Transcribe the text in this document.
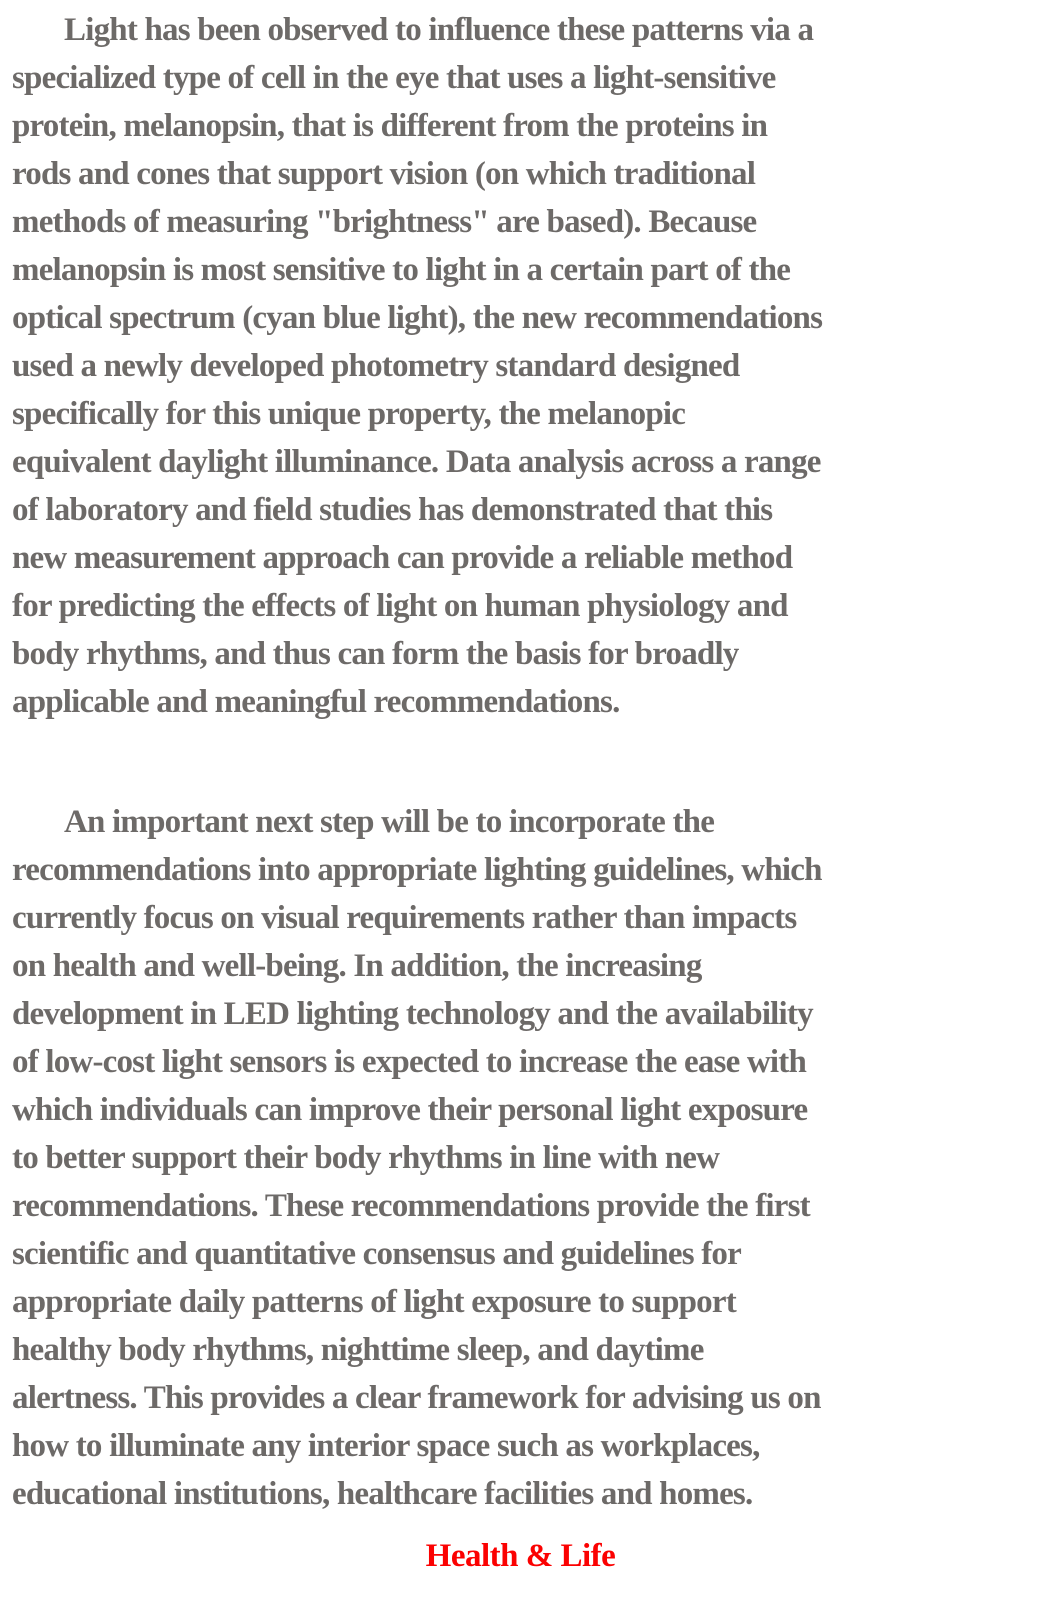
Light has been observed to influence these patterns via a
specialized type of cell in the eye that uses a light-sensitive
protein, melanopsin, that is different from the proteins in
rods and cones that support vision (on which traditional
methods of measuring "brightness" are based). Because
melanopsin is most sensitive to light in a certain part of the
optical spectrum (cyan blue light), the new recommendations
used a newly developed photometry standard designed
specifically for this unique property, the melanopic
equivalent daylight illuminance. Data analysis across a range
of laboratory and field studies has demonstrated that this
new measurement approach can provide a reliable method
for predicting the effects of light on human physiology and
body rhythms, and thus can form the basis for broadly
applicable and meaningful recommendations.
An important next step will be to incorporate the
recommendations into appropriate lighting guidelines, which
currently focus on visual requirements rather than impacts
on health and well-being. In addition, the increasing
development in LED lighting technology and the availability
of low-cost light sensors is expected to increase the ease with
which individuals can improve their personal light exposure
to better support their body rhythms in line with new
recommendations. These recommendations provide the first
scientific and quantitative consensus and guidelines for
appropriate daily patterns of light exposure to support
healthy body rhythms, nighttime sleep, and daytime
alertness. This provides a clear framework for advising us on
how to illuminate any interior space such as workplaces,
educational institutions, healthcare facilities and homes.
Health & Life
